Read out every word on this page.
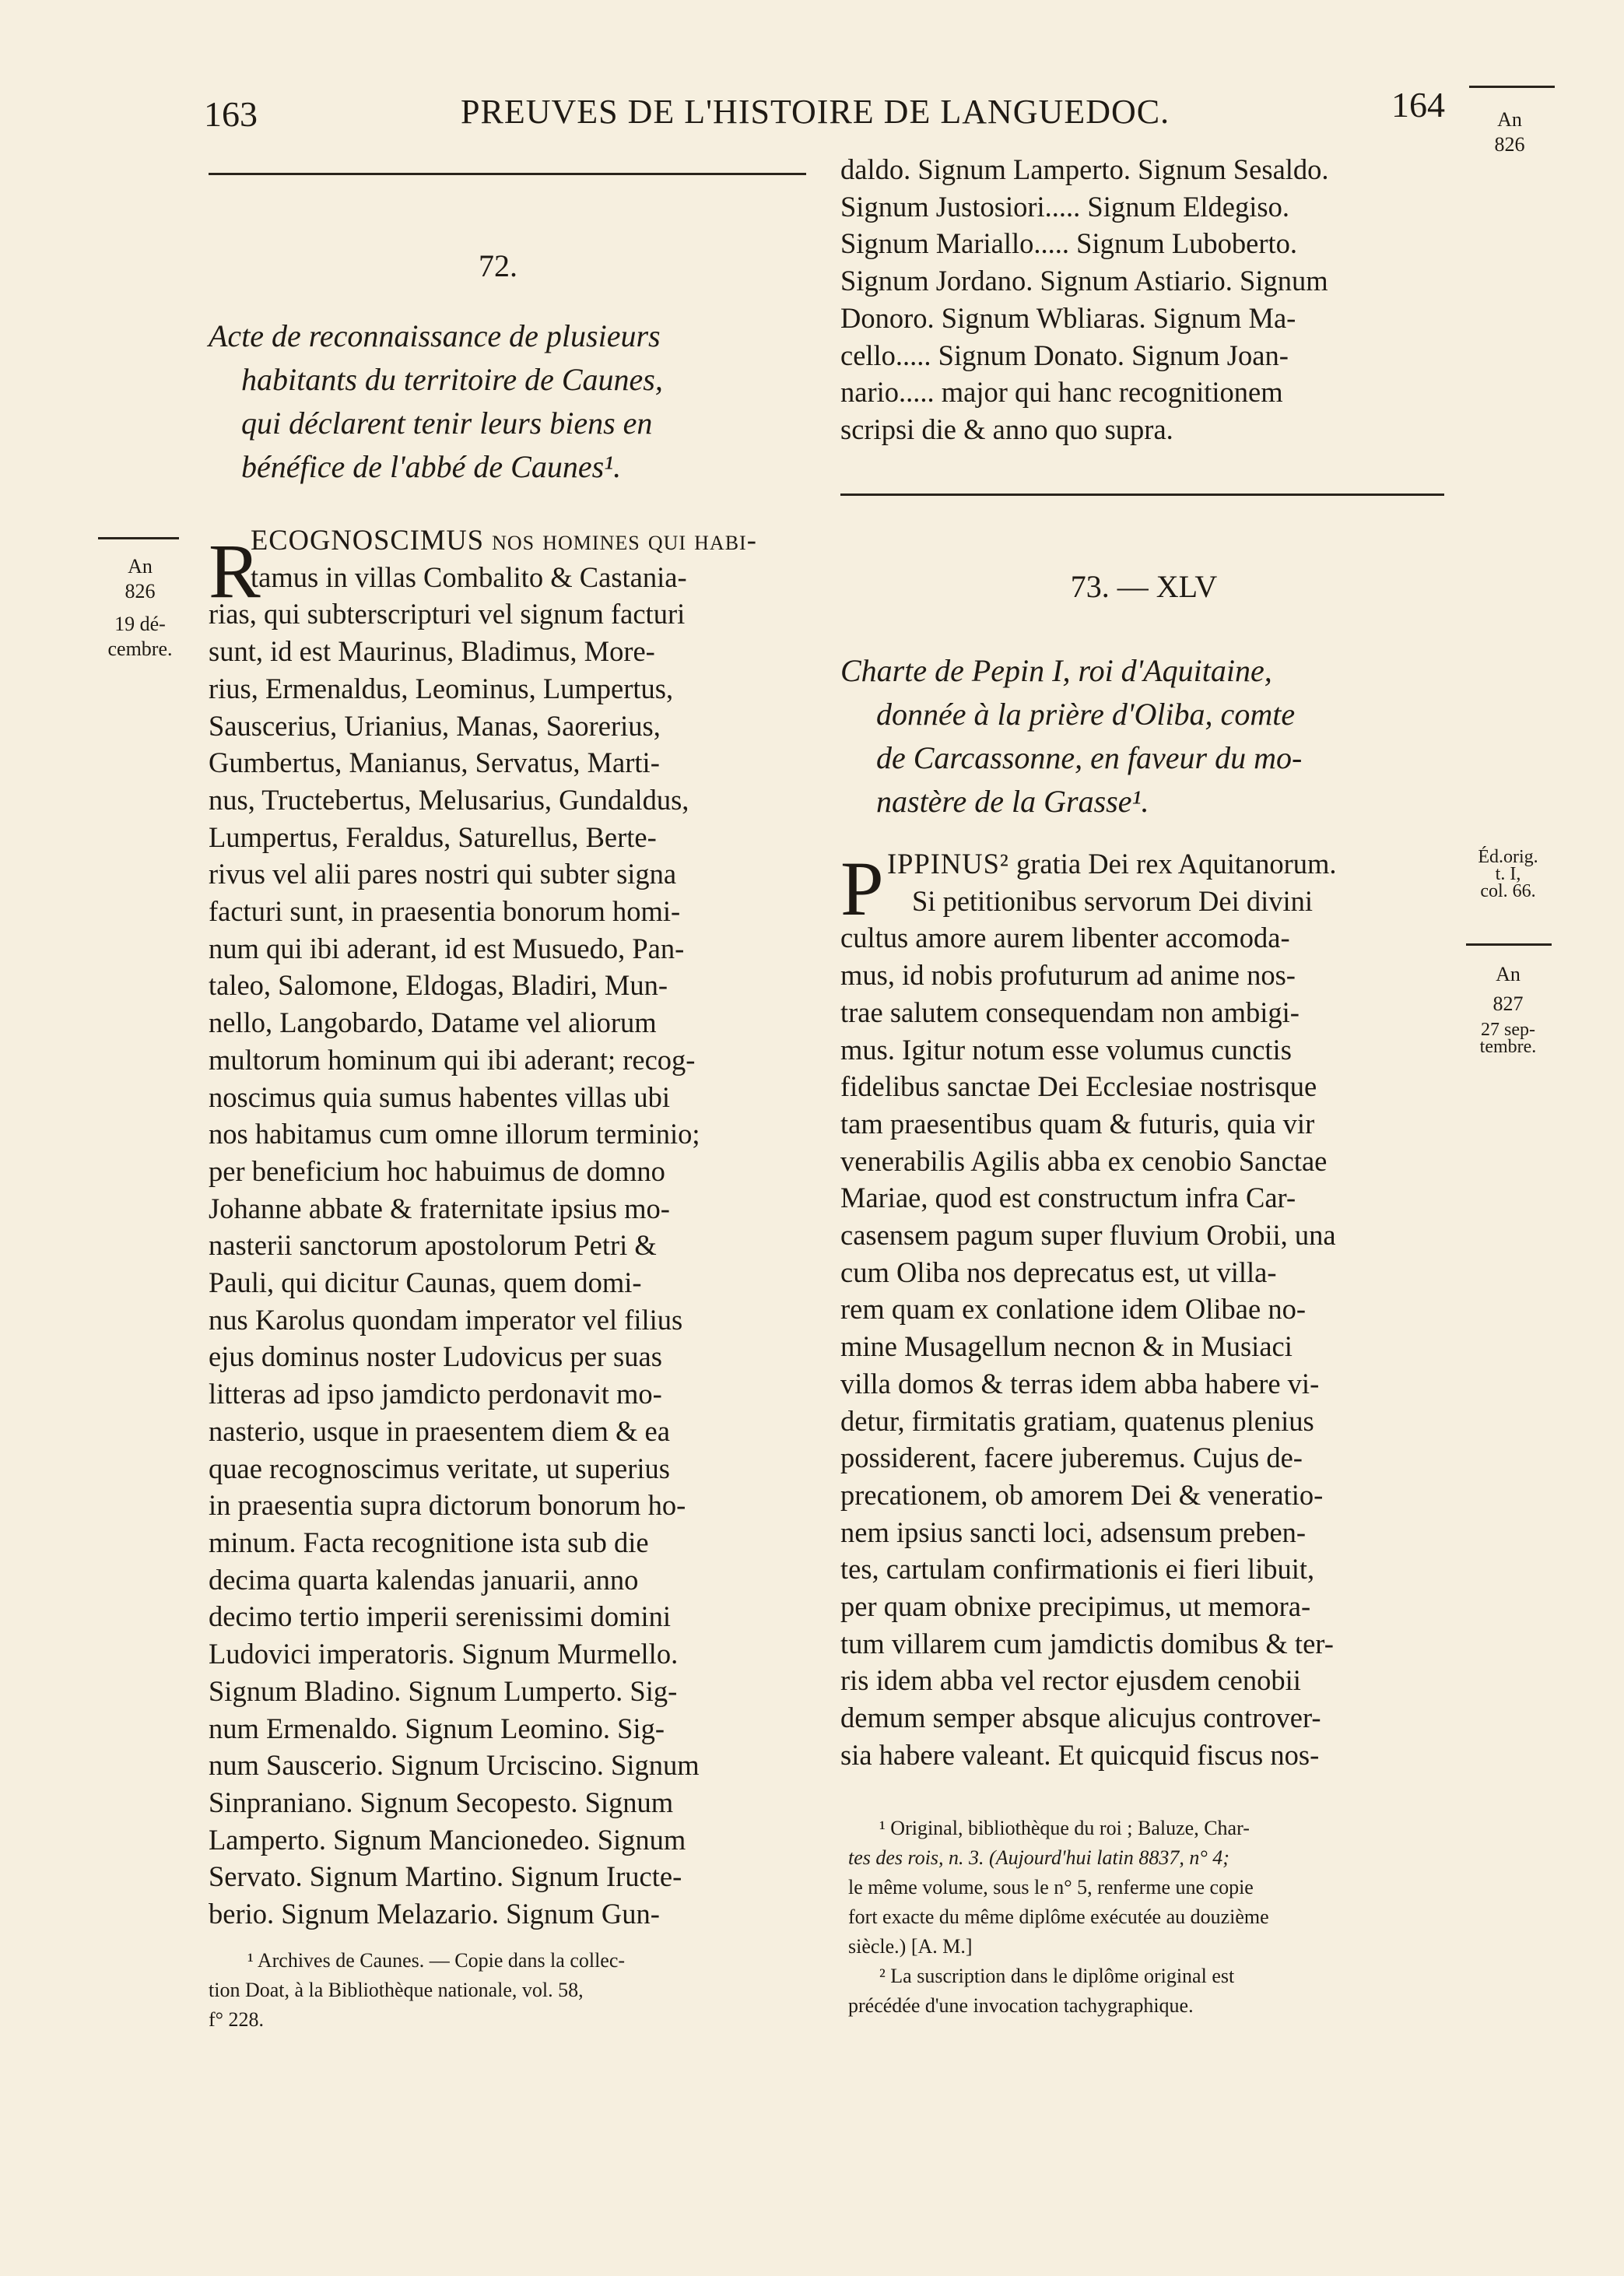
163	PREUVES DE L'HISTOIRE DE LANGUEDOC.	164
72.
Acte de reconnaissance de plusieurs
habitants du territoire de Caunes,
qui déclarent tenir leurs biens en
bénéfice de l'abbé de Caunes¹.
An
826
19 dé-
cembre.
R
ECOGNOSCIMUS nos homines qui habi-
tamus in villas Combalito & Castania-
rias, qui subterscripturi vel signum facturi
sunt, id est Maurinus, Bladimus, More-
rius, Ermenaldus, Leominus, Lumpertus,
Sauscerius, Urianius, Manas, Saorerius,
Gumbertus, Manianus, Servatus, Marti-
nus, Tructebertus, Melusarius, Gundaldus,
Lumpertus, Feraldus, Saturellus, Berte-
rivus vel alii pares nostri qui subter signa
facturi sunt, in praesentia bonorum homi-
num qui ibi aderant, id est Musuedo, Pan-
taleo, Salomone, Eldogas, Bladiri, Mun-
nello, Langobardo, Datame vel aliorum
multorum hominum qui ibi aderant; recog-
noscimus quia sumus habentes villas ubi
nos habitamus cum omne illorum terminio;
per beneficium hoc habuimus de domno
Johanne abbate & fraternitate ipsius mo-
nasterii sanctorum apostolorum Petri &
Pauli, qui dicitur Caunas, quem domi-
nus Karolus quondam imperator vel filius
ejus dominus noster Ludovicus per suas
litteras ad ipso jamdicto perdonavit mo-
nasterio, usque in praesentem diem & ea
quae recognoscimus veritate, ut superius
in praesentia supra dictorum bonorum ho-
minum. Facta recognitione ista sub die
decima quarta kalendas januarii, anno
decimo tertio imperii serenissimi domini
Ludovici imperatoris. Signum Murmello.
Signum Bladino. Signum Lumperto. Sig-
num Ermenaldo. Signum Leomino. Sig-
num Sauscerio. Signum Urciscino. Signum
Sinpraniano. Signum Secopesto. Signum
Lamperto. Signum Mancionedeo. Signum
Servato. Signum Martino. Signum Iructe-
berio. Signum Melazario. Signum Gun-
¹ Archives de Caunes. — Copie dans la collec-
tion Doat, à la Bibliothèque nationale, vol. 58,
f° 228.
An
826
daldo. Signum Lamperto. Signum Sesaldo.
Signum Justosiori..... Signum Eldegiso.
Signum Mariallo..... Signum Luboberto.
Signum Jordano. Signum Astiario. Signum
Donoro. Signum Wbliaras. Signum Ma-
cello..... Signum Donato. Signum Joan-
nario..... major qui hanc recognitionem
scripsi die & anno quo supra.
73. — XLV
Charte de Pepin I, roi d'Aquitaine,
donnée à la prière d'Oliba, comte
de Carcassonne, en faveur du mo-
nastère de la Grasse¹.
Éd.orig.
t. I,
col. 66.
An
827
27 sep-
tembre.
P IPPINUS² gratia Dei rex Aquitanorum.
Si petitionibus servorum Dei divini
cultus amore aurem libenter accomoda-
mus, id nobis profuturum ad anime nos-
trae salutem consequendam non ambigi-
mus. Igitur notum esse volumus cunctis
fidelibus sanctae Dei Ecclesiae nostrisque
tam praesentibus quam & futuris, quia vir
venerabilis Agilis abba ex cenobio Sanctae
Mariae, quod est constructum infra Car-
casensem pagum super fluvium Orobii, una
cum Oliba nos deprecatus est, ut villa-
rem quam ex conlatione idem Olibae no-
mine Musagellum necnon & in Musiaci
villa domos & terras idem abba habere vi-
detur, firmitatis gratiam, quatenus plenius
possiderent, facere juberemus. Cujus de-
precationem, ob amorem Dei & veneratio-
nem ipsius sancti loci, adsensum preben-
tes, cartulam confirmationis ei fieri libuit,
per quam obnixe precipimus, ut memora-
tum villarem cum jamdictis domibus & ter-
ris idem abba vel rector ejusdem cenobii
demum semper absque alicujus controver-
sia habere valeant. Et quicquid fiscus nos-
¹ Original, bibliothèque du roi ; Baluze, Char-
tes des rois, n. 3. (Aujourd'hui latin 8837, n° 4;
le même volume, sous le n° 5, renferme une copie
fort exacte du même diplôme exécutée au douzième
siècle.) [A. M.]
² La suscription dans le diplôme original est
précédée d'une invocation tachygraphique.
